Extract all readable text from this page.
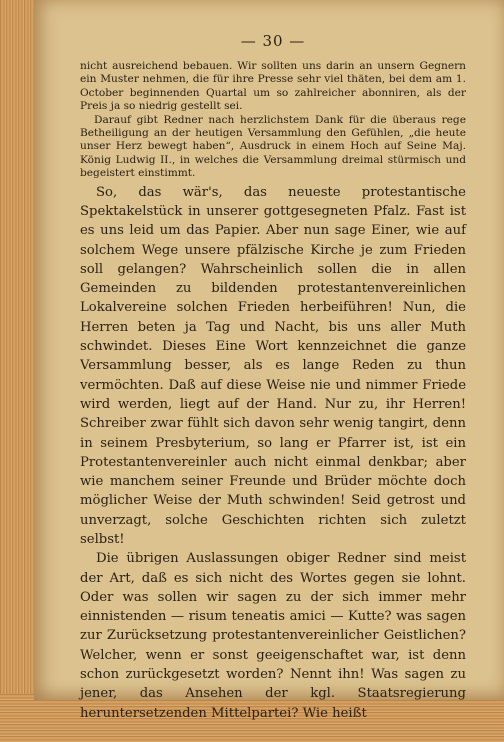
— 30 —

nicht ausreichend bebauen. Wir sollten uns darin an unsern Gegnern ein Muster nehmen, die für ihre Presse sehr viel thäten, bei dem am 1. October beginnenden Quartal um so zahlreicher abonniren, als der Preis ja so niedrig gestellt sei.

Darauf gibt Redner nach herzlichstem Dank für die überaus rege Betheiligung an der heutigen Versammlung den Gefühlen, „die heute unser Herz bewegt haben“, Ausdruck in einem Hoch auf Seine Maj. König Ludwig II., in welches die Versammlung dreimal stürmisch und begeistert einstimmt.

So, das wär's, das neueste protestantische Spektakelstück in unserer gottgesegneten Pfalz. Fast ist es uns leid um das Papier. Aber nun sage Einer, wie auf solchem Wege unsere pfälzische Kirche je zum Frieden soll gelangen? Wahrscheinlich sollen die in allen Gemeinden zu bildenden protestantenvereinlichen Lokalvereine solchen Frieden herbeiführen! Nun, die Herren beten ja Tag und Nacht, bis uns aller Muth schwindet. Dieses Eine Wort kennzeichnet die ganze Versammlung besser, als es lange Reden zu thun vermöchten. Daß auf diese Weise nie und nimmer Friede wird werden, liegt auf der Hand. Nur zu, ihr Herren! Schreiber zwar fühlt sich davon sehr wenig tangirt, denn in seinem Presbyterium, so lang er Pfarrer ist, ist ein Protestantenvereinler auch nicht einmal denkbar; aber wie manchem seiner Freunde und Brüder möchte doch möglicher Weise der Muth schwinden! Seid getrost und unverzagt, solche Geschichten richten sich zuletzt selbst!

Die übrigen Auslassungen obiger Redner sind meist der Art, daß es sich nicht des Wortes gegen sie lohnt. Oder was sollen wir sagen zu der sich immer mehr einnistenden — risum teneatis amici — Kutte? was sagen zur Zurücksetzung protestantenvereinlicher Geistlichen? Welcher, wenn er sonst geeigenschaftet war, ist denn schon zurückgesetzt worden? Nennt ihn! Was sagen zu jener, das Ansehen der kgl. Staatsregierung heruntersetzenden Mittelpartei? Wie heißt
